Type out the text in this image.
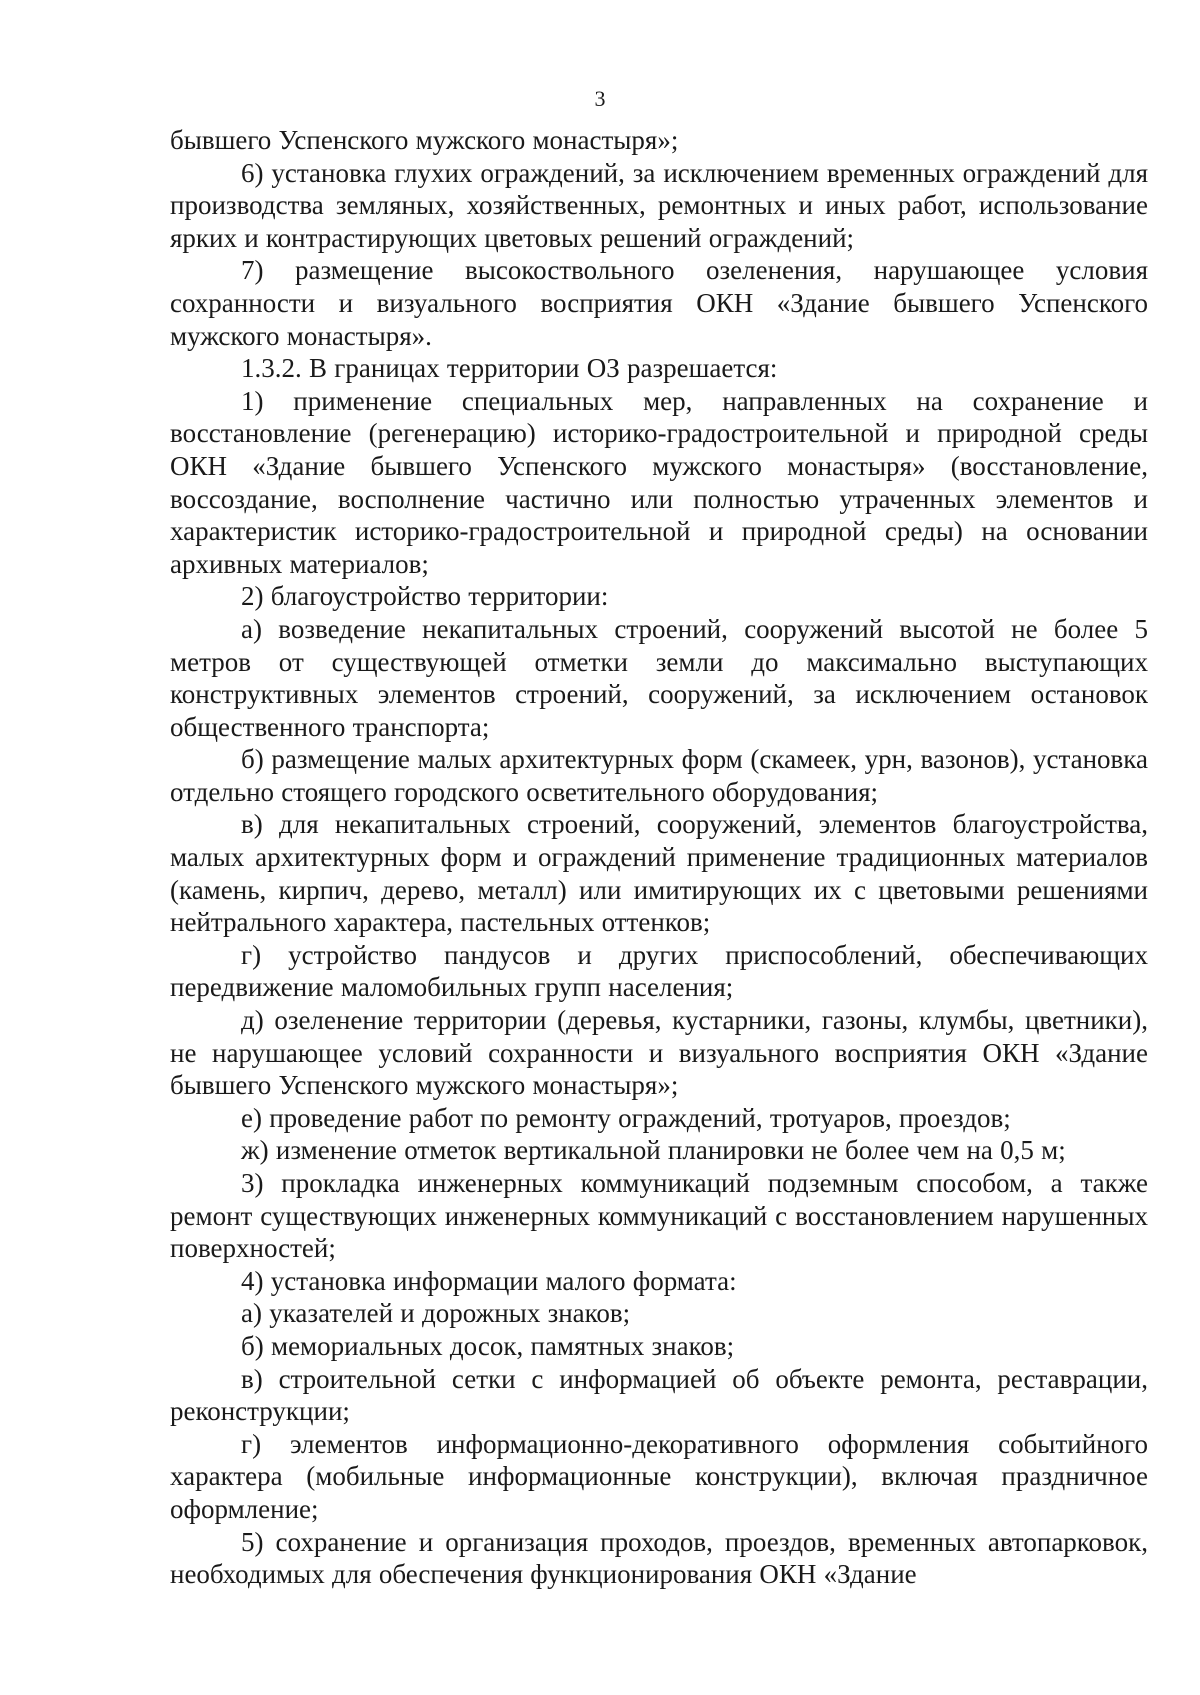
3

бывшего Успенского мужского монастыря»;

6) установка глухих ограждений, за исключением временных ограждений для производства земляных, хозяйственных, ремонтных и иных работ, использование ярких и контрастирующих цветовых решений ограждений;

7) размещение высокоствольного озеленения, нарушающее условия сохранности и визуального восприятия ОКН «Здание бывшего Успенского мужского монастыря».

1.3.2. В границах территории ОЗ разрешается:

1) применение специальных мер, направленных на сохранение и восстановление (регенерацию) историко-градостроительной и природной среды ОКН «Здание бывшего Успенского мужского монастыря» (восстановление, воссоздание, восполнение частично или полностью утраченных элементов и характеристик историко-градостроительной и природной среды) на основании архивных материалов;

2) благоустройство территории:

а) возведение некапитальных строений, сооружений высотой не более 5 метров от существующей отметки земли до максимально выступающих конструктивных элементов строений, сооружений, за исключением остановок общественного транспорта;

б) размещение малых архитектурных форм (скамеек, урн, вазонов), установка отдельно стоящего городского осветительного оборудования;

в) для некапитальных строений, сооружений, элементов благоустройства, малых архитектурных форм и ограждений применение традиционных материалов (камень, кирпич, дерево, металл) или имитирующих их с цветовыми решениями нейтрального характера, пастельных оттенков;

г) устройство пандусов и других приспособлений, обеспечивающих передвижение маломобильных групп населения;

д) озеленение территории (деревья, кустарники, газоны, клумбы, цветники), не нарушающее условий сохранности и визуального восприятия ОКН «Здание бывшего Успенского мужского монастыря»;

е) проведение работ по ремонту ограждений, тротуаров, проездов;

ж) изменение отметок вертикальной планировки не более чем на 0,5 м;

3) прокладка инженерных коммуникаций подземным способом, а также ремонт существующих инженерных коммуникаций с восстановлением нарушенных поверхностей;

4) установка информации малого формата:

а) указателей и дорожных знаков;

б) мемориальных досок, памятных знаков;

в) строительной сетки с информацией об объекте ремонта, реставрации, реконструкции;

г) элементов информационно-декоративного оформления событийного характера (мобильные информационные конструкции), включая праздничное оформление;

5) сохранение и организация проходов, проездов, временных автопарковок, необходимых для обеспечения функционирования ОКН «Здание
